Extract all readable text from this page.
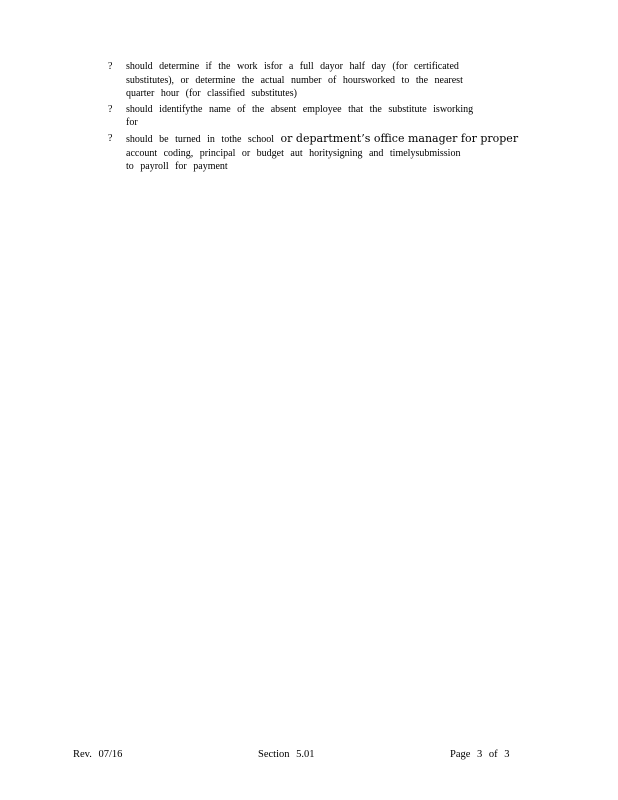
? should determine if the work isfor a full dayor half day (for certificated
substitutes), or determine the actual number of hoursworked to the nearest
quarter hour (for classified substitutes)
? should identifythe name of the absent employee that the substitute isworking
for
? should be turned in tothe school or department’s office manager for proper
account coding, principal or budget aut horitysigning and timelysubmission
to payroll for payment
Rev. 07/16	Section 5.01	Page 3 of 3
